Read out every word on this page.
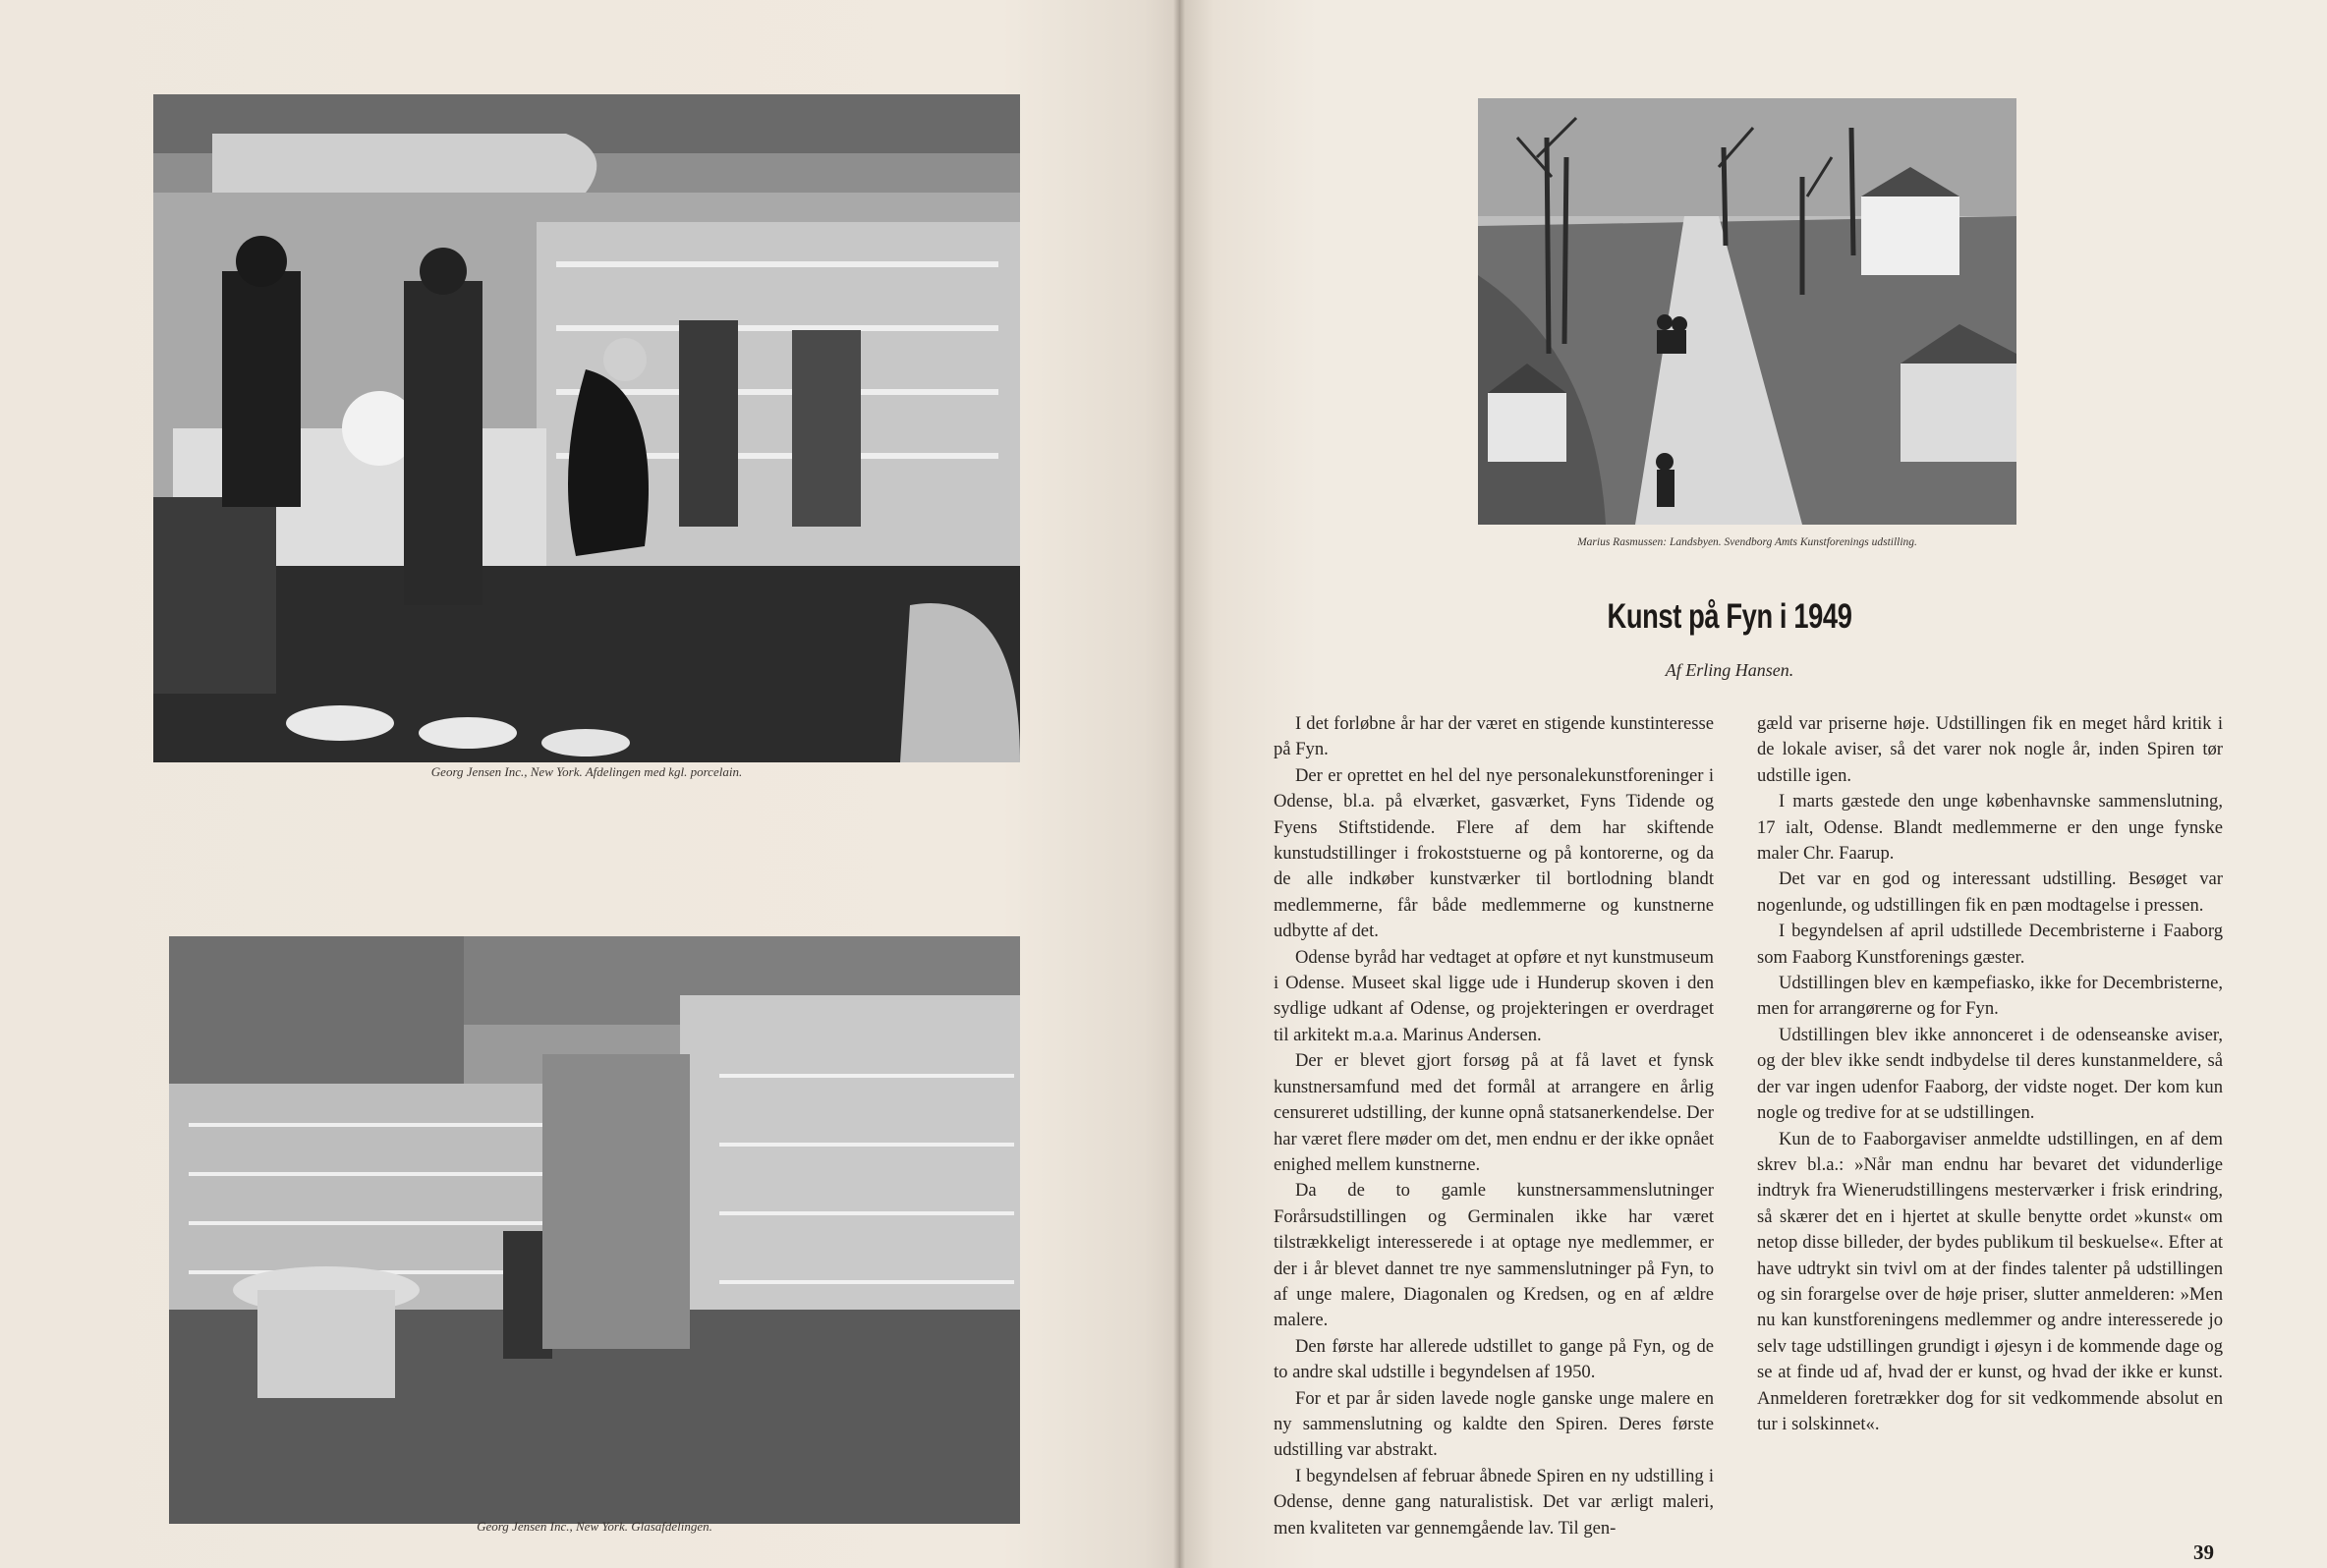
Georg Jensen Inc., New York. Afdelingen med kgl. porcelain.
Georg Jensen Inc., New York. Glasafdelingen.
Marius Rasmussen: Landsbyen. Svendborg Amts Kunstforenings udstilling.
Kunst på Fyn i 1949
Af Erling Hansen.

I det forløbne år har der været en stigende kunstinteresse på Fyn.

Der er oprettet en hel del nye personalekunstforeninger i Odense, bl.a. på elværket, gasværket, Fyns Tidende og Fyens Stiftstidende. Flere af dem har skiftende kunstudstillinger i frokoststuerne og på kontorerne, og da de alle indkøber kunstværker til bortlodning blandt medlemmerne, får både medlemmerne og kunstnerne udbytte af det.

Odense byråd har vedtaget at opføre et nyt kunstmuseum i Odense. Museet skal ligge ude i Hunderup skoven i den sydlige udkant af Odense, og projekteringen er overdraget til arkitekt m.a.a. Marinus Andersen.

Der er blevet gjort forsøg på at få lavet et fynsk kunstnersamfund med det formål at arrangere en årlig censureret udstilling, der kunne opnå statsanerkendelse. Der har været flere møder om det, men endnu er der ikke opnået enighed mellem kunstnerne.

Da de to gamle kunstnersammenslutninger Forårsudstillingen og Germinalen ikke har været tilstrækkeligt interesserede i at optage nye medlemmer, er der i år blevet dannet tre nye sammenslutninger på Fyn, to af unge malere, Diagonalen og Kredsen, og en af ældre malere.

Den første har allerede udstillet to gange på Fyn, og de to andre skal udstille i begyndelsen af 1950.

For et par år siden lavede nogle ganske unge malere en ny sammenslutning og kaldte den Spiren. Deres første udstilling var abstrakt.

I begyndelsen af februar åbnede Spiren en ny udstilling i Odense, denne gang naturalistisk. Det var ærligt maleri, men kvaliteten var gennemgående lav. Til gen-

gæld var priserne høje. Udstillingen fik en meget hård kritik i de lokale aviser, så det varer nok nogle år, inden Spiren tør udstille igen.

I marts gæstede den unge københavnske sammenslutning, 17 ialt, Odense. Blandt medlemmerne er den unge fynske maler Chr. Faarup.

Det var en god og interessant udstilling. Besøget var nogenlunde, og udstillingen fik en pæn modtagelse i pressen.

I begyndelsen af april udstillede Decembristerne i Faaborg som Faaborg Kunstforenings gæster.

Udstillingen blev en kæmpefiasko, ikke for Decembristerne, men for arrangørerne og for Fyn.

Udstillingen blev ikke annonceret i de odenseanske aviser, og der blev ikke sendt indbydelse til deres kunstanmeldere, så der var ingen udenfor Faaborg, der vidste noget. Der kom kun nogle og tredive for at se udstillingen.

Kun de to Faaborgaviser anmeldte udstillingen, en af dem skrev bl.a.: »Når man endnu har bevaret det vidunderlige indtryk fra Wienerudstillingens mesterværker i frisk erindring, så skærer det en i hjertet at skulle benytte ordet »kunst« om netop disse billeder, der bydes publikum til beskuelse«. Efter at have udtrykt sin tvivl om at der findes talenter på udstillingen og sin forargelse over de høje priser, slutter anmelderen: »Men nu kan kunstforeningens medlemmer og andre interesserede jo selv tage udstillingen grundigt i øjesyn i de kommende dage og se at finde ud af, hvad der er kunst, og hvad der ikke er kunst. Anmelderen foretrækker dog for sit vedkommende absolut en tur i solskinnet«.

39
